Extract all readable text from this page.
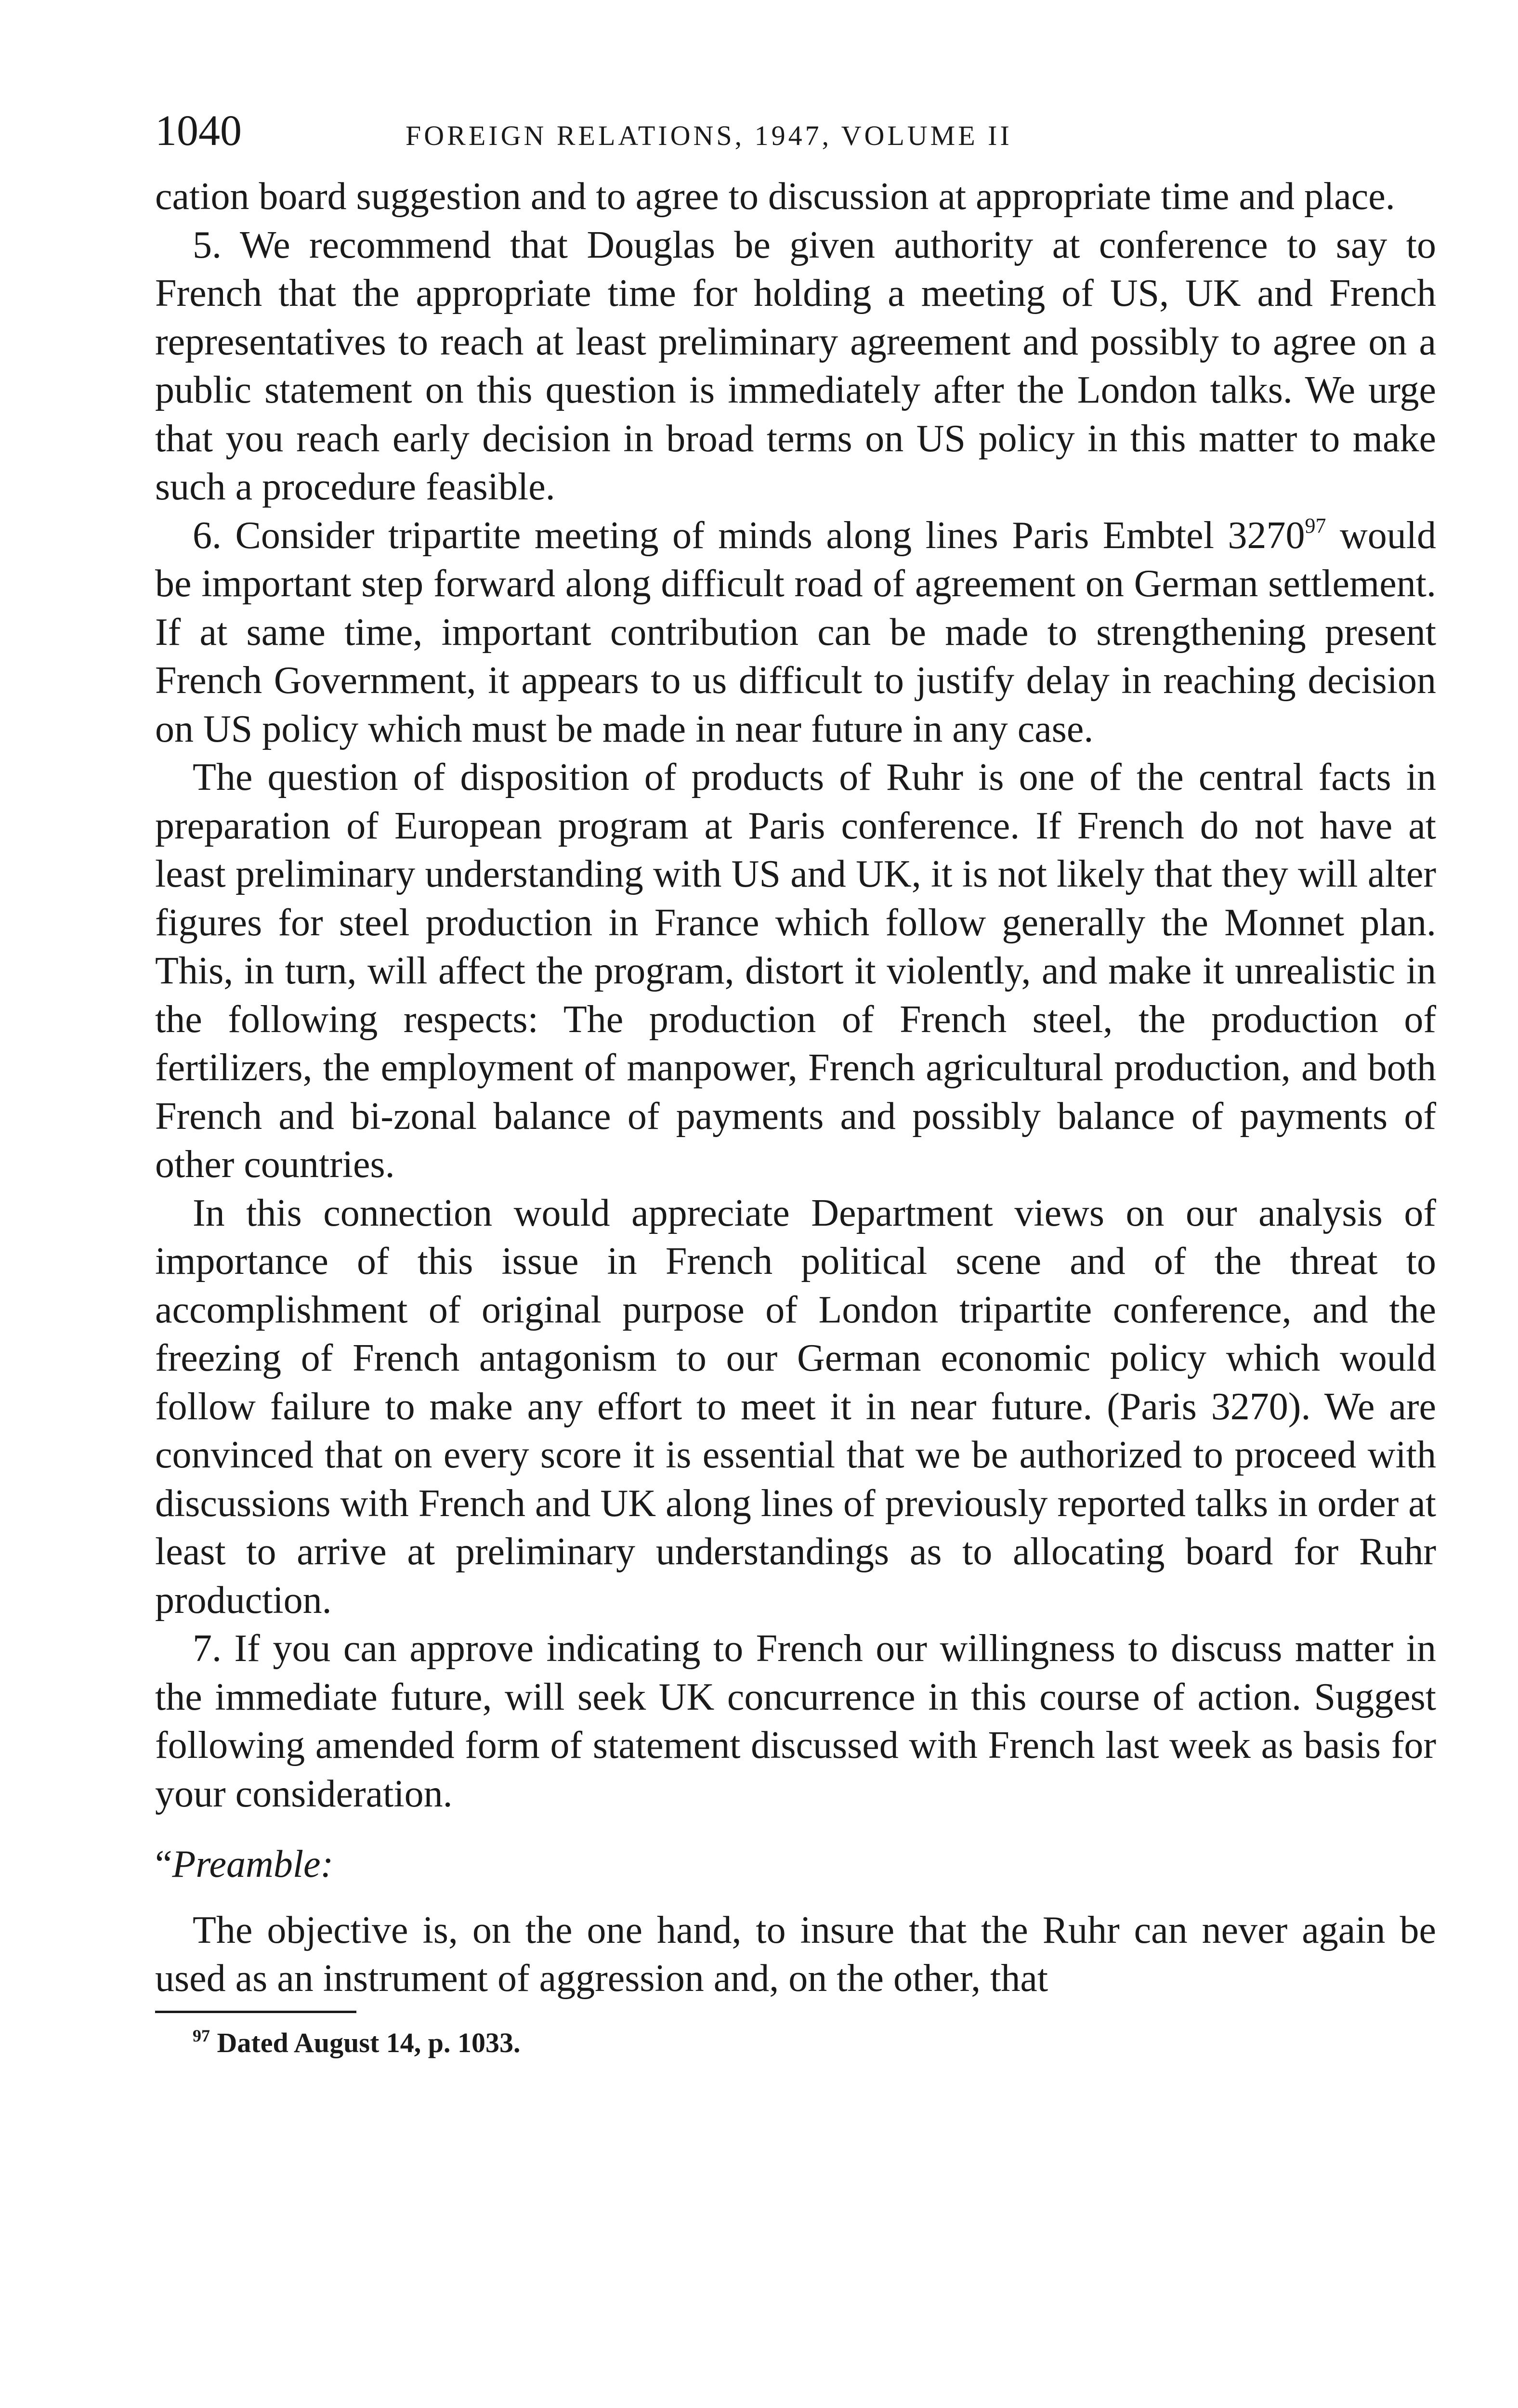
1040	FOREIGN RELATIONS, 1947, VOLUME II

cation board suggestion and to agree to discussion at appropriate time and place.

5. We recommend that Douglas be given authority at conference to say to French that the appropriate time for holding a meeting of US, UK and French representatives to reach at least preliminary agreement and possibly to agree on a public statement on this question is immediately after the London talks. We urge that you reach early decision in broad terms on US policy in this matter to make such a procedure feasible.

6. Consider tripartite meeting of minds along lines Paris Embtel 3270$^{97}$ would be important step forward along difficult road of agreement on German settlement. If at same time, important contribution can be made to strengthening present French Government, it appears to us difficult to justify delay in reaching decision on US policy which must be made in near future in any case.

The question of disposition of products of Ruhr is one of the central facts in preparation of European program at Paris conference. If French do not have at least preliminary understanding with US and UK, it is not likely that they will alter figures for steel production in France which follow generally the Monnet plan. This, in turn, will affect the program, distort it violently, and make it unrealistic in the following respects: The production of French steel, the production of fertilizers, the employment of manpower, French agricultural production, and both French and bi-zonal balance of payments and possibly balance of payments of other countries.

In this connection would appreciate Department views on our analysis of importance of this issue in French political scene and of the threat to accomplishment of original purpose of London tripartite conference, and the freezing of French antagonism to our German economic policy which would follow failure to make any effort to meet it in near future. (Paris 3270). We are convinced that on every score it is essential that we be authorized to proceed with discussions with French and UK along lines of previously reported talks in order at least to arrive at preliminary understandings as to allocating board for Ruhr production.

7. If you can approve indicating to French our willingness to discuss matter in the immediate future, will seek UK concurrence in this course of action. Suggest following amended form of statement discussed with French last week as basis for your consideration.

“Preamble:

The objective is, on the one hand, to insure that the Ruhr can never again be used as an instrument of aggression and, on the other, that

$^{97}$ Dated August 14, p. 1033.
